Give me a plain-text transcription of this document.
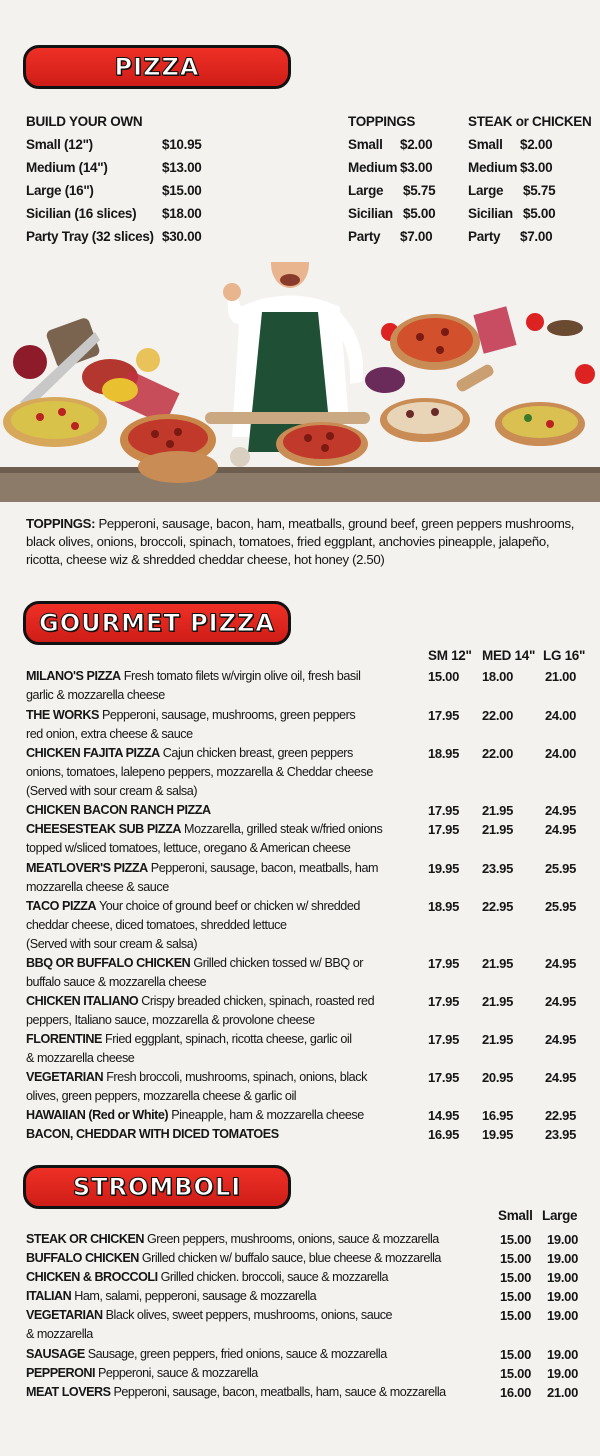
PIZZA
BUILD YOUR OWN
Small (12")	$10.95
Medium (14")	$13.00
Large (16")	$15.00
Sicilian (16 slices) $18.00
Party Tray (32 slices) $30.00
TOPPINGS
Small $2.00
Medium $3.00
Large $5.75
Sicilian $5.00
Party $7.00
STEAK or CHICKEN
Small $2.00
Medium $3.00
Large $5.75
Sicilian $5.00
Party $7.00
TOPPINGS: Pepperoni, sausage, bacon, ham, meatballs, ground beef, green peppers mushrooms, black olives, onions, broccoli, spinach, tomatoes, fried eggplant, anchovies pineapple, jalapeño, ricotta, cheese wiz & shredded cheddar cheese, hot honey (2.50)
GOURMET PIZZA
SM 12" MED 14" LG 16"
MILANO'S PIZZA Fresh tomato filets w/virgin olive oil, fresh basil
garlic & mozzarella cheese
15.00 18.00 21.00
THE WORKS Pepperoni, sausage, mushrooms, green peppers
red onion, extra cheese & sauce
17.95 22.00 24.00
CHICKEN FAJITA PIZZA Cajun chicken breast, green peppers
onions, tomatoes, lalepeno peppers, mozzarella & Cheddar cheese
(Served with sour cream & salsa)
18.95 22.00 24.00
CHICKEN BACON RANCH PIZZA	17.95 21.95 24.95
CHEESESTEAK SUB PIZZA Mozzarella, grilled steak w/fried onions
topped w/sliced tomatoes, lettuce, oregano & American cheese
17.95 21.95 24.95
MEATLOVER'S PIZZA Pepperoni, sausage, bacon, meatballs, ham
mozzarella cheese & sauce
19.95 23.95 25.95
TACO PIZZA Your choice of ground beef or chicken w/ shredded
cheddar cheese, diced tomatoes, shredded lettuce
(Served with sour cream & salsa)
18.95 22.95 25.95
BBQ OR BUFFALO CHICKEN Grilled chicken tossed w/ BBQ or
buffalo sauce & mozzarella cheese
17.95 21.95 24.95
CHICKEN ITALIANO Crispy breaded chicken, spinach, roasted red
peppers, Italiano sauce, mozzarella & provolone cheese
17.95 21.95 24.95
FLORENTINE Fried eggplant, spinach, ricotta cheese, garlic oil
& mozzarella cheese
17.95 21.95 24.95
VEGETARIAN Fresh broccoli, mushrooms, spinach, onions, black
olives, green peppers, mozzarella cheese & garlic oil
17.95 20.95 24.95
HAWAIIAN (Red or White) Pineapple, ham & mozzarella cheese	14.95 16.95 22.95
BACON, CHEDDAR WITH DICED TOMATOES	16.95 19.95 23.95
STROMBOLI
Small Large
STEAK OR CHICKEN Green peppers, mushrooms, onions, sauce & mozzarella	15.00 19.00
BUFFALO CHICKEN Grilled chicken w/ buffalo sauce, blue cheese & mozzarella	15.00 19.00
CHICKEN & BROCCOLI Grilled chicken. broccoli, sauce & mozzarella	15.00 19.00
ITALIAN Ham, salami, pepperoni, sausage & mozzarella	15.00 19.00
VEGETARIAN Black olives, sweet peppers, mushrooms, onions, sauce
& mozzarella
15.00 19.00
SAUSAGE Sausage, green peppers, fried onions, sauce & mozzarella	15.00 19.00
PEPPERONI Pepperoni, sauce & mozzarella	15.00 19.00
MEAT LOVERS Pepperoni, sausage, bacon, meatballs, ham, sauce & mozzarella	16.00 21.00
